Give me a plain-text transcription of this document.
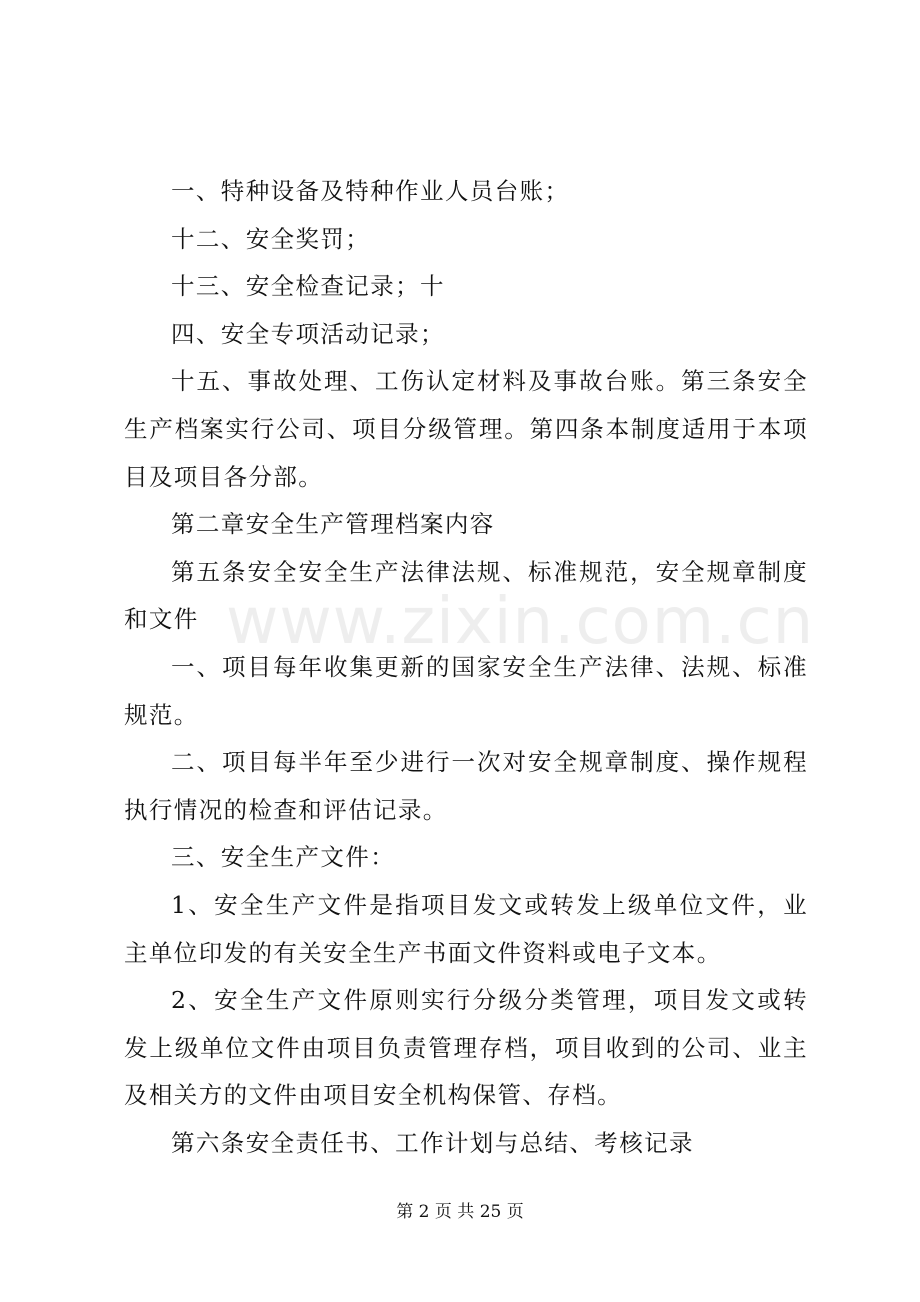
一、特种设备及特种作业人员台账；

十二、安全奖罚；

十三、安全检查记录；十

四、安全专项活动记录；

十五、事故处理、工伤认定材料及事故台账。第三条安全生产档案实行公司、项目分级管理。第四条本制度适用于本项目及项目各分部。

第二章安全生产管理档案内容

第五条安全安全生产法律法规、标准规范，安全规章制度和文件

一、项目每年收集更新的国家安全生产法律、法规、标准规范。

二、项目每半年至少进行一次对安全规章制度、操作规程执行情况的检查和评估记录。

三、安全生产文件：

1、安全生产文件是指项目发文或转发上级单位文件，业主单位印发的有关安全生产书面文件资料或电子文本。

2、安全生产文件原则实行分级分类管理，项目发文或转发上级单位文件由项目负责管理存档，项目收到的公司、业主及相关方的文件由项目安全机构保管、存档。

第六条安全责任书、工作计划与总结、考核记录

www.zixin.com.cn
第 2 页 共 25 页
